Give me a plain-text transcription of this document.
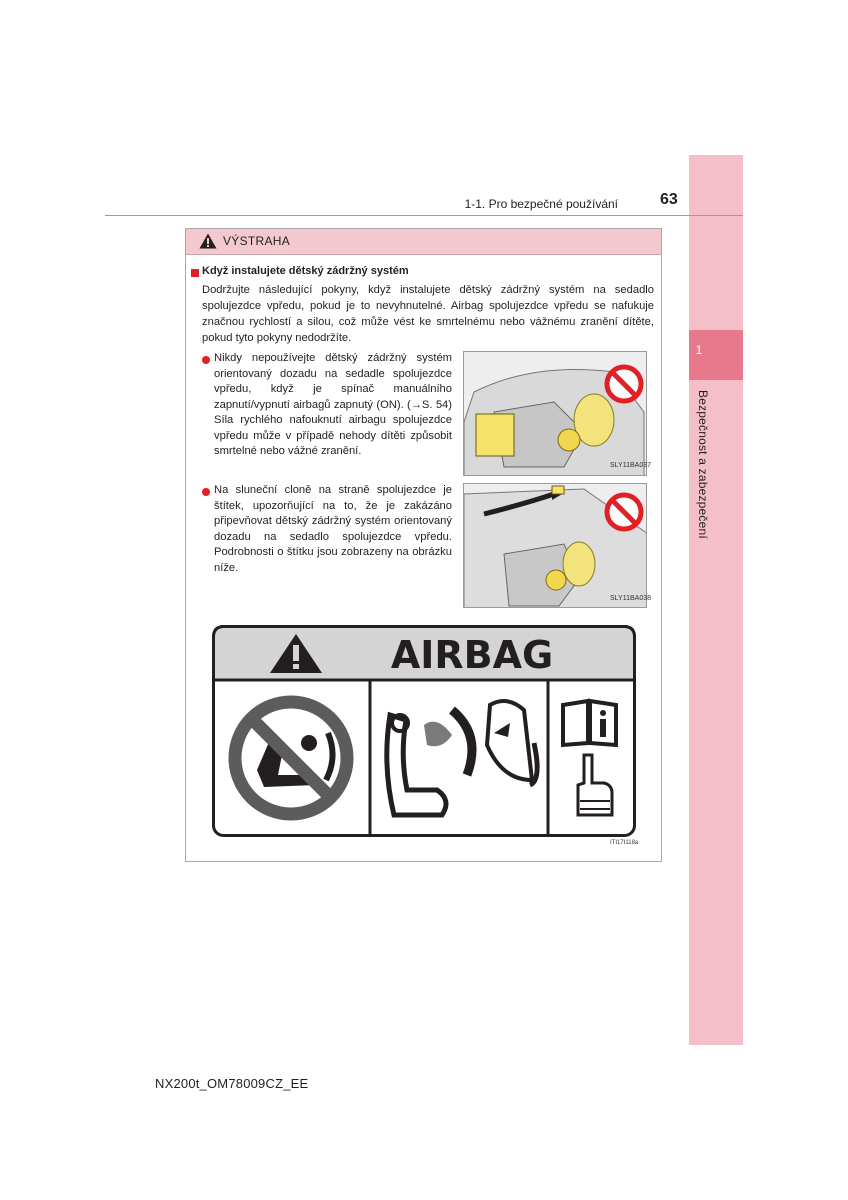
1
Bezpečnost a zabezpečení
1-1. Pro bezpečné používání	63
VÝSTRAHA
Když instalujete dětský zádržný systém
Dodržujte následující pokyny, když instalujete dětský zádržný systém na sedadlo spolujezdce vpředu, pokud je to nevyhnutelné. Airbag spolujezdce vpředu se nafukuje značnou rychlostí a silou, což může vést ke smrtelnému nebo vážnému zranění dítěte, pokud tyto pokyny nedodržíte.
Nikdy nepoužívejte dětský zádržný systém orientovaný dozadu na sedadle spolujezdce vpředu, když je spínač manuálního zapnutí/vypnutí airbagů zapnutý (ON). (→S. 54) Síla rychlého nafouknutí airbagu spolujezdce vpředu může v případě nehody dítěti způsobit smrtelné nebo vážné zranění.
Na sluneční cloně na straně spolujezdce je štítek, upozorňující na to, že je zakázáno připevňovat dětský zádržný systém orientovaný dozadu na sedadlo spolujezdce vpředu. Podrobnosti o štítku jsou zobrazeny na obrázku níže.
SLY11BA037
SLY11BA038
AIRBAG
ITI17I118a
NX200t_OM78009CZ_EE
